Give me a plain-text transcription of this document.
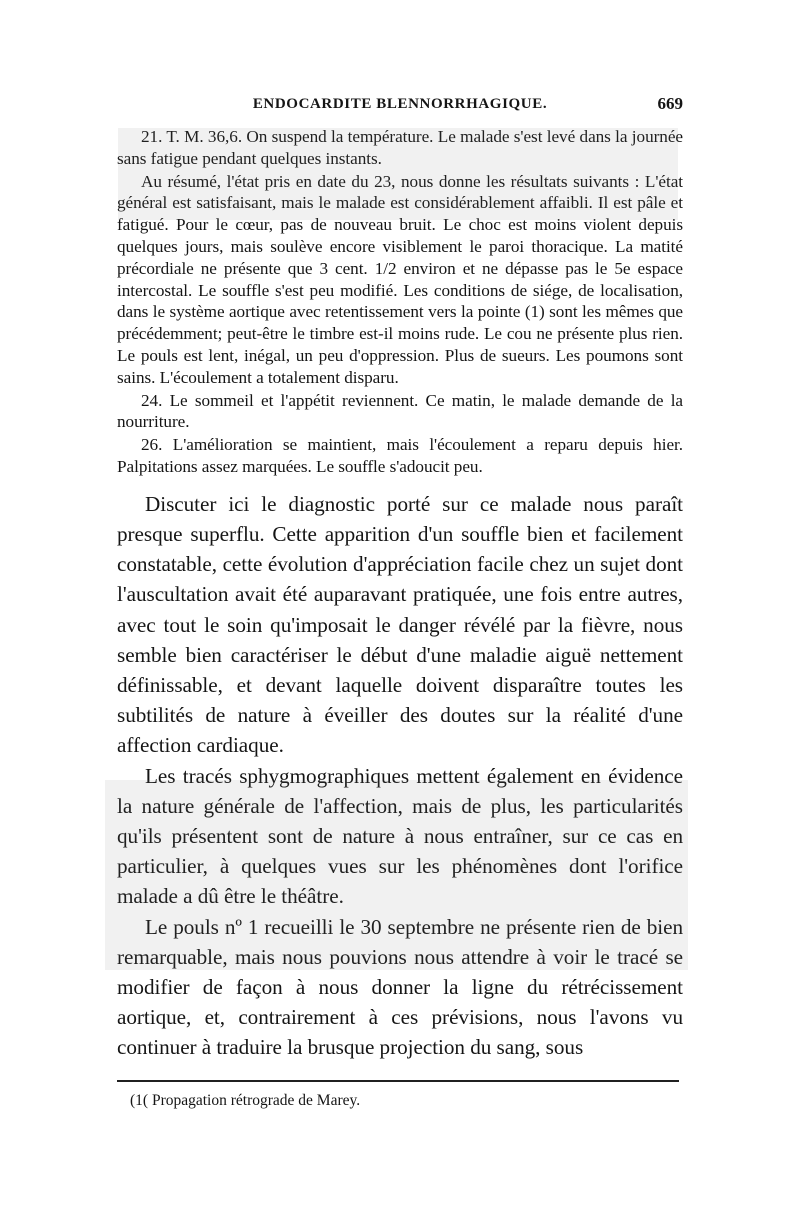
ENDOCARDITE BLENNORRHAGIQUE.	669

21. T. M. 36,6. On suspend la température. Le malade s'est levé dans la journée sans fatigue pendant quelques instants.

Au résumé, l'état pris en date du 23, nous donne les résultats suivants : L'état général est satisfaisant, mais le malade est considérablement affaibli. Il est pâle et fatigué. Pour le cœur, pas de nouveau bruit. Le choc est moins violent depuis quelques jours, mais soulève encore visiblement le paroi thoracique. La matité précordiale ne présente que 3 cent. 1/2 environ et ne dépasse pas le 5e espace intercostal. Le souffle s'est peu modifié. Les conditions de siége, de localisation, dans le système aortique avec retentissement vers la pointe (1) sont les mêmes que précédemment; peut-être le timbre est-il moins rude. Le cou ne présente plus rien. Le pouls est lent, inégal, un peu d'oppression. Plus de sueurs. Les poumons sont sains. L'écoulement a totalement disparu.

24. Le sommeil et l'appétit reviennent. Ce matin, le malade demande de la nourriture.

26. L'amélioration se maintient, mais l'écoulement a reparu depuis hier. Palpitations assez marquées. Le souffle s'adoucit peu.

Discuter ici le diagnostic porté sur ce malade nous paraît presque superflu. Cette apparition d'un souffle bien et facilement constatable, cette évolution d'appréciation facile chez un sujet dont l'auscultation avait été auparavant pratiquée, une fois entre autres, avec tout le soin qu'imposait le danger révélé par la fièvre, nous semble bien caractériser le début d'une maladie aiguë nettement définissable, et devant laquelle doivent disparaître toutes les subtilités de nature à éveiller des doutes sur la réalité d'une affection cardiaque.

Les tracés sphygmographiques mettent également en évidence la nature générale de l'affection, mais de plus, les particularités qu'ils présentent sont de nature à nous entraîner, sur ce cas en particulier, à quelques vues sur les phénomènes dont l'orifice malade a dû être le théâtre.

Le pouls nº 1 recueilli le 30 septembre ne présente rien de bien remarquable, mais nous pouvions nous attendre à voir le tracé se modifier de façon à nous donner la ligne du rétrécissement aortique, et, contrairement à ces prévisions, nous l'avons vu continuer à traduire la brusque projection du sang, sous

(1( Propagation rétrograde de Marey.
